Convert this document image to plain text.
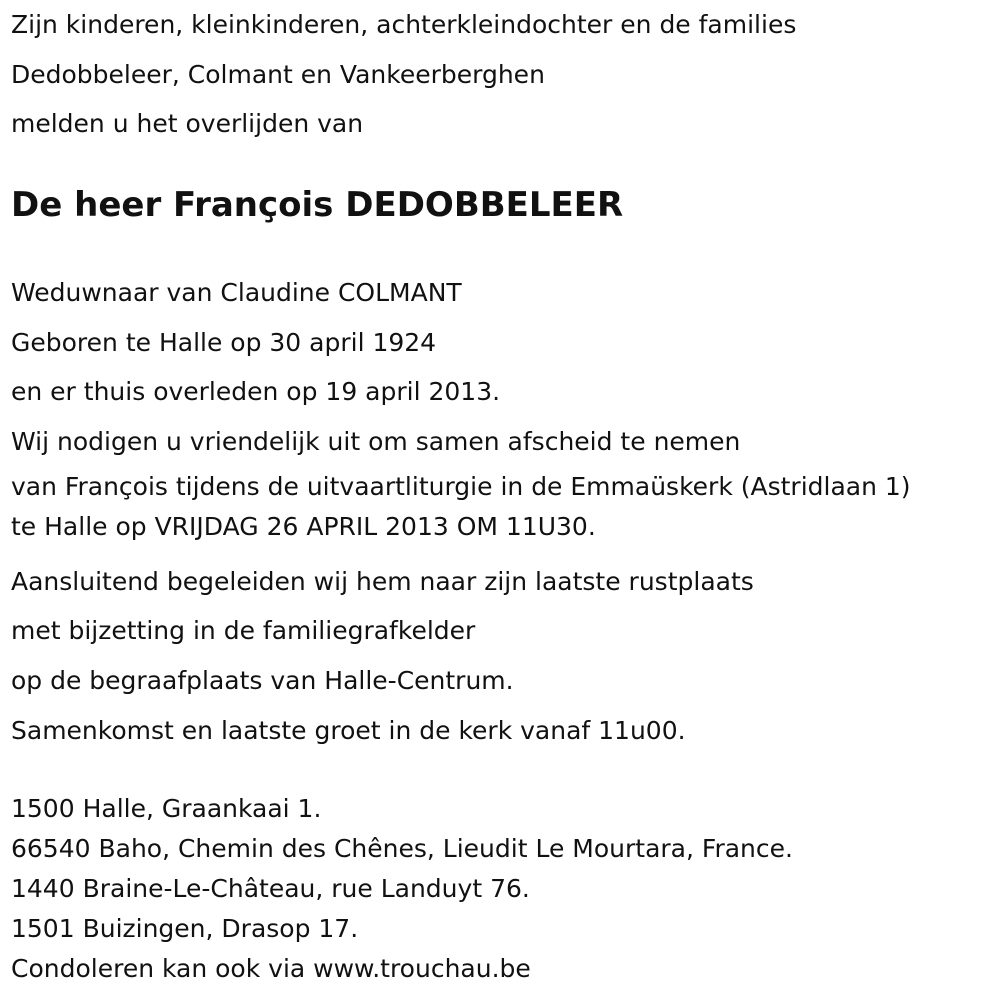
Zijn kinderen, kleinkinderen, achterkleindochter en de families

Dedobbeleer, Colmant en Vankeerberghen

melden u het overlijden van

De heer François DEDOBBELEER

Weduwnaar van Claudine COLMANT

Geboren te Halle op 30 april 1924

en er thuis overleden op 19 april 2013.

Wij nodigen u vriendelijk uit om samen afscheid te nemen

van François tijdens de uitvaartliturgie in de Emmaüskerk (Astridlaan 1)

te Halle op VRIJDAG 26 APRIL 2013 OM 11U30.

Aansluitend begeleiden wij hem naar zijn laatste rustplaats

met bijzetting in de familiegrafkelder

op de begraafplaats van Halle-Centrum.

Samenkomst en laatste groet in de kerk vanaf 11u00.

1500 Halle, Graankaai 1.

66540 Baho, Chemin des Chênes, Lieudit Le Mourtara, France.

1440 Braine-Le-Château, rue Landuyt 76.

1501 Buizingen, Drasop 17.

Condoleren kan ook via www.trouchau.be
